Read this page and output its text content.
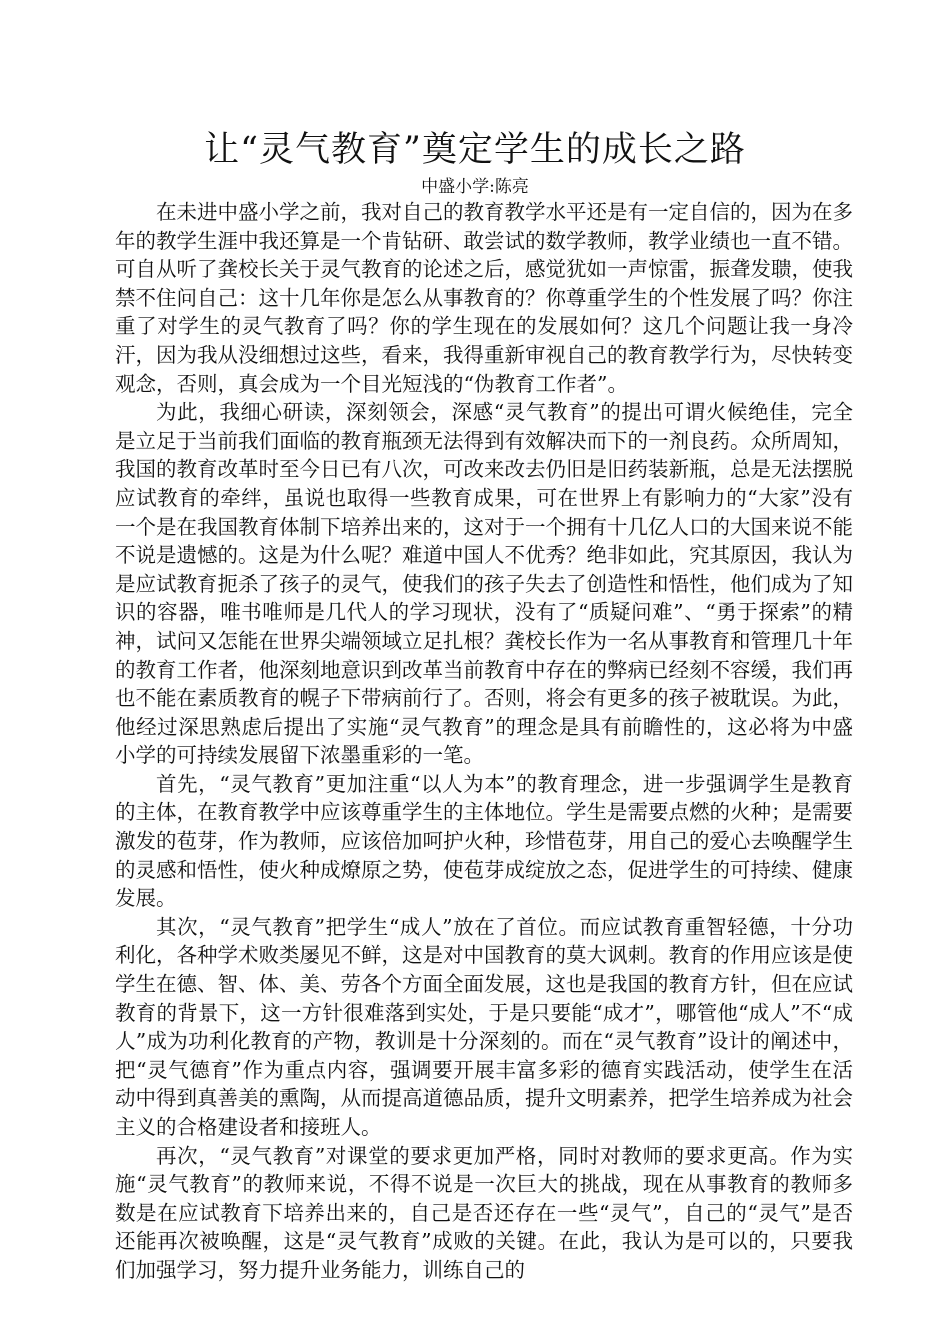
让“灵气教育”奠定学生的成长之路
中盛小学:陈亮

在未进中盛小学之前，我对自己的教育教学水平还是有一定自信的，因为在多年的教学生涯中我还算是一个肯钻研、敢尝试的数学教师，教学业绩也一直不错。可自从听了龚校长关于灵气教育的论述之后，感觉犹如一声惊雷，振聋发聩，使我禁不住问自己：这十几年你是怎么从事教育的？你尊重学生的个性发展了吗？你注重了对学生的灵气教育了吗？你的学生现在的发展如何？这几个问题让我一身冷汗，因为我从没细想过这些，看来，我得重新审视自己的教育教学行为，尽快转变观念，否则，真会成为一个目光短浅的“伪教育工作者”。

为此，我细心研读，深刻领会，深感“灵气教育”的提出可谓火候绝佳，完全是立足于当前我们面临的教育瓶颈无法得到有效解决而下的一剂良药。众所周知，我国的教育改革时至今日已有八次，可改来改去仍旧是旧药装新瓶，总是无法摆脱应试教育的牵绊，虽说也取得一些教育成果，可在世界上有影响力的“大家”没有一个是在我国教育体制下培养出来的，这对于一个拥有十几亿人口的大国来说不能不说是遗憾的。这是为什么呢？难道中国人不优秀？绝非如此，究其原因，我认为是应试教育扼杀了孩子的灵气，使我们的孩子失去了创造性和悟性，他们成为了知识的容器，唯书唯师是几代人的学习现状，没有了“质疑问难”、“勇于探索”的精神，试问又怎能在世界尖端领域立足扎根？龚校长作为一名从事教育和管理几十年的教育工作者，他深刻地意识到改革当前教育中存在的弊病已经刻不容缓，我们再也不能在素质教育的幌子下带病前行了。否则，将会有更多的孩子被耽误。为此，他经过深思熟虑后提出了实施“灵气教育”的理念是具有前瞻性的，这必将为中盛小学的可持续发展留下浓墨重彩的一笔。

首先，“灵气教育”更加注重“以人为本”的教育理念，进一步强调学生是教育的主体，在教育教学中应该尊重学生的主体地位。学生是需要点燃的火种；是需要激发的苞芽，作为教师，应该倍加呵护火种，珍惜苞芽，用自己的爱心去唤醒学生的灵感和悟性，使火种成燎原之势，使苞芽成绽放之态，促进学生的可持续、健康发展。

其次，“灵气教育”把学生“成人”放在了首位。而应试教育重智轻德，十分功利化，各种学术败类屡见不鲜，这是对中国教育的莫大讽刺。教育的作用应该是使学生在德、智、体、美、劳各个方面全面发展，这也是我国的教育方针，但在应试教育的背景下，这一方针很难落到实处，于是只要能“成才”，哪管他“成人”不“成人”成为功利化教育的产物，教训是十分深刻的。而在“灵气教育”设计的阐述中，把“灵气德育”作为重点内容，强调要开展丰富多彩的德育实践活动，使学生在活动中得到真善美的熏陶，从而提高道德品质，提升文明素养，把学生培养成为社会主义的合格建设者和接班人。

再次，“灵气教育”对课堂的要求更加严格，同时对教师的要求更高。作为实施“灵气教育”的教师来说，不得不说是一次巨大的挑战，现在从事教育的教师多数是在应试教育下培养出来的，自己是否还存在一些“灵气”，自己的“灵气”是否还能再次被唤醒，这是“灵气教育”成败的关键。在此，我认为是可以的，只要我们加强学习，努力提升业务能力，训练自己的
